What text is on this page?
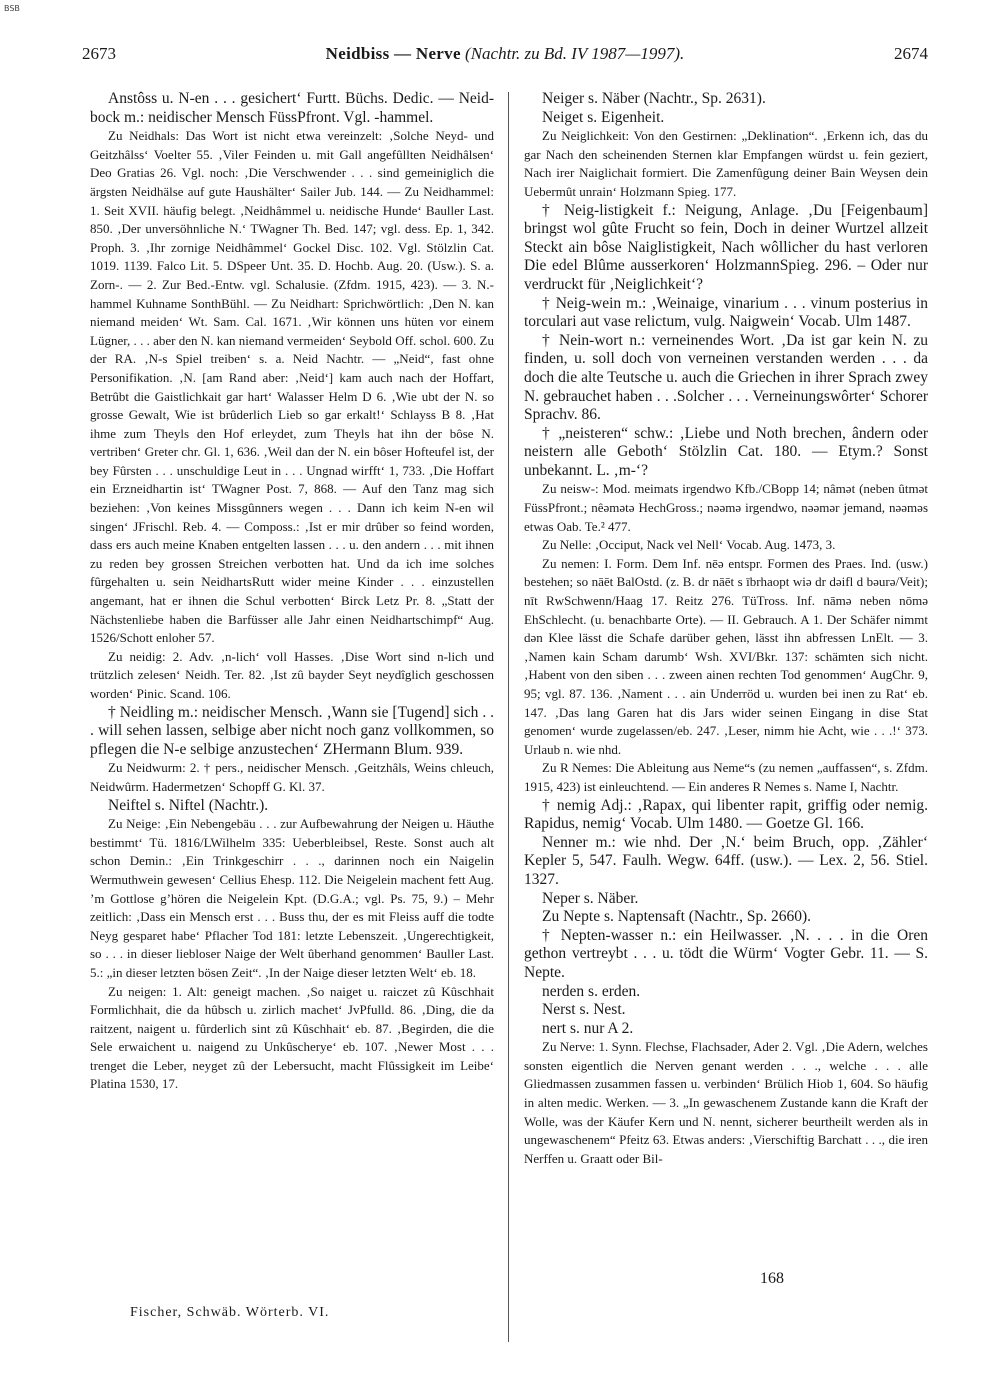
BSB
2673	Neidbiss — Nerve (Nachtr. zu Bd. IV 1987—1997).	2674

Anstôss u. N-en . . . gesichert‘ Furtt. Büchs. Dedic. — Neid-bock m.: neidischer Mensch FüssPfront. Vgl. -hammel.

Zu Neidhals: Das Wort ist nicht etwa vereinzelt: ‚Solche Neyd- und Geitzhâlss‘ Voelter 55. ‚Viler Feinden u. mit Gall angefûllten Neidhâlsen‘ Deo Gratias 26. Vgl. noch: ‚Die Verschwender . . . sind gemeiniglich die ärgsten Neidhälse auf gute Haushälter‘ Sailer Jub. 144. — Zu Neidhammel: 1. Seit XVII. häufig belegt. ‚Neidhâmmel u. neidische Hunde‘ Bauller Last. 850. ‚Der unversöhnliche N.‘ TWagner Th. Bed. 147; vgl. dess. Ep. 1, 342. Proph. 3. ‚Ihr zornige Neidhâmmel‘ Gockel Disc. 102. Vgl. Stölzlin Cat. 1019. 1139. Falco Lit. 5. DSpeer Unt. 35. D. Hochb. Aug. 20. (Usw.). S. a. Zorn-. — 2. Zur Bed.-Entw. vgl. Schalusie. (Zfdm. 1915, 423). — 3. N.-hammel Kuhname SonthBühl. — Zu Neidhart: Sprichwörtlich: ‚Den N. kan niemand meiden‘ Wt. Sam. Cal. 1671. ‚Wir können uns hüten vor einem Lügner, . . . aber den N. kan niemand vermeiden‘ Seybold Off. schol. 600. Zu der RA. ‚N-s Spiel treiben‘ s. a. Neid Nachtr. — „Neid“, fast ohne Personifikation. ‚N. [am Rand aber: ‚Neid‘] kam auch nach der Hoffart, Betrûbt die Gaistlichkait gar hart‘ Walasser Helm D 6. ‚Wie ubt der N. so grosse Gewalt, Wie ist brûderlich Lieb so gar erkalt!‘ Schlayss B 8. ‚Hat ihme zum Theyls den Hof erleydet, zum Theyls hat ihn der bôse N. vertriben‘ Greter chr. Gl. 1, 636. ‚Weil dan der N. ein bôser Hofteufel ist, der bey Fûrsten . . . unschuldige Leut in . . . Ungnad wirfft‘ 1, 733. ‚Die Hoffart ein Erzneidhartin ist‘ TWagner Post. 7, 868. — Auf den Tanz mag sich beziehen: ‚Von keines Missgûnners wegen . . . Dann ich keim N-en wil singen‘ JFrischl. Reb. 4. — Composs.: ‚Ist er mir drûber so feind worden, dass ers auch meine Knaben entgelten lassen . . . u. den andern . . . mit ihnen zu reden bey grossen Streichen verbotten hat. Und da ich ime solches fûrgehalten u. sein NeidhartsRutt wider meine Kinder . . . einzustellen angemant, hat er ihnen die Schul verbotten‘ Birck Letz Pr. 8. „Statt der Nächstenliebe haben die Barfüsser alle Jahr einen Neidhartschimpf“ Aug. 1526/Schott enloher 57.

Zu neidig: 2. Adv. ‚n-lich‘ voll Hasses. ‚Dise Wort sind n-lich und trützlich zelesen‘ Neidh. Ter. 82. ‚Ist zû bayder Seyt neydîglich geschossen worden‘ Pinic. Scand. 106.

† Neidling m.: neidischer Mensch. ‚Wann sie [Tugend] sich . . . will sehen lassen, selbige aber nicht noch ganz vollkommen, so pflegen die N-e selbige anzustechen‘ ZHermann Blum. 939.

Zu Neidwurm: 2. † pers., neidischer Mensch. ‚Geitzhâls, Weins chleuch, Neidwûrm. Hadermetzen‘ Schopff G. Kl. 37.

Neiftel s. Niftel (Nachtr.).

Zu Neige: ‚Ein Nebengebäu . . . zur Aufbewahrung der Neigen u. Häuthe bestimmt‘ Tü. 1816/LWilhelm 335: Ueberbleibsel, Reste. Sonst auch alt schon Demin.: ‚Ein Trinkgeschirr . . ., darinnen noch ein Naigelin Wermuthwein gewesen‘ Cellius Ehesp. 112. Die Neigelein machent fett Aug. ’m Gottlose gʼhören die Neigelein Kpt. (D.G.A.; vgl. Ps. 75, 9.) – Mehr zeitlich: ‚Dass ein Mensch erst . . . Buss thu, der es mit Fleiss auff die todte Neyg gesparet habe‘ Pflacher Tod 181: letzte Lebenszeit. ‚Ungerechtigkeit, so . . . in dieser liebloser Naige der Welt ûberhand genommen‘ Bauller Last. 5.: „in dieser letzten bösen Zeit“. ‚In der Naige dieser letzten Welt‘ eb. 18.

Zu neigen: 1. Alt: geneigt machen. ‚So naiget u. raiczet zû Kûschhait Formlichhait, die da hûbsch u. zirlich machet‘ JvPfulld. 86. ‚Ding, die da raitzent, naigent u. fûrderlich sint zû Kûschhait‘ eb. 87. ‚Begirden, die die Sele erwaichent u. naigend zu Unkûscherye‘ eb. 107. ‚Newer Most . . . trenget die Leber, neyget zû der Lebersucht, macht Flûssigkeit im Leibe‘ Platina 1530, 17.

Neiger s. Näber (Nachtr., Sp. 2631).

Neiget s. Eigenheit.

Zu Neiglichkeit: Von den Gestirnen: „Deklination“. ‚Erkenn ich, das du gar Nach den scheinenden Sternen klar Empfangen würdst u. fein geziert, Nach irer Naiglichait formiert. Die Zamenfûgung deiner Bain Weysen dein Uebermût unrain‘ Holzmann Spieg. 177.

† Neig-listigkeit f.: Neigung, Anlage. ‚Du [Feigenbaum] bringst wol gûte Frucht so fein, Doch in deiner Wurtzel allzeit Steckt ain bôse Naiglistigkeit, Nach wôllicher du hast verloren Die edel Blûme ausserkoren‘ HolzmannSpieg. 296. – Oder nur verdruckt für ‚Neiglichkeit‘?

† Neig-wein m.: ‚Weinaige, vinarium . . . vinum posterius in torculari aut vase relictum, vulg. Naigwein‘ Vocab. Ulm 1487.

† Nein-wort n.: verneinendes Wort. ‚Da ist gar kein N. zu finden, u. soll doch von verneinen verstanden werden . . . da doch die alte Teutsche u. auch die Griechen in ihrer Sprach zwey N. gebrauchet haben . . .Solcher . . . Verneinungswôrter‘ Schorer Sprachv. 86.

† „neisteren“ schw.: ‚Liebe und Noth brechen, ândern oder neistern alle Geboth‘ Stölzlin Cat. 180. — Etym.? Sonst unbekannt. L. ‚m-‘?

Zu neisw-: Mod. meimats irgendwo Kfb./CBopp 14; nâmət (neben ûtmət FüssPfront.; nêəmətə HechGross.; nəəmə irgendwo, nəəmər jemand, nəəməs etwas Oab. Te.² 477.

Zu Nelle: ‚Occiput, Nack vel Nell‘ Vocab. Aug. 1473, 3.

Zu nemen: I. Form. Dem Inf. nēə entspr. Formen des Praes. Ind. (usw.) bestehen; so nāēt BalOstd. (z. B. dr nāēt s ībrhaopt wiə dr dəifl d bəurə/Veit); nīt RwSchwenn/Haag 17. Reitz 276. TüTross. Inf. nāmə neben nōmə EhSchlecht. (u. benachbarte Orte). — II. Gebrauch. A 1. Der Schäfer nimmt dən Klee lässt die Schafe darüber gehen, lässt ihn abfressen LnElt. — 3. ‚Namen kain Scham darumb‘ Wsh. XVI/Bkr. 137: schämten sich nicht. ‚Habent von den siben . . . zween ainen rechten Tod genommen‘ AugChr. 9, 95; vgl. 87. 136. ‚Nament . . . ain Underröd u. wurden bei inen zu Rat‘ eb. 147. ‚Das lang Garen hat dis Jars wider seinen Eingang in dise Stat genomen‘ wurde zugelassen/eb. 247. ‚Leser, nimm hie Acht, wie . . .!‘ 373. Urlaub n. wie nhd.

Zu R Nemes: Die Ableitung aus Neme“s (zu nemen „auffassen“, s. Zfdm. 1915, 423) ist einleuchtend. — Ein anderes R Nemes s. Name I, Nachtr.

† nemig Adj.: ‚Rapax, qui libenter rapit, griffig oder nemig. Rapidus, nemig‘ Vocab. Ulm 1480. — Goetze Gl. 166.

Nenner m.: wie nhd. Der ‚N.‘ beim Bruch, opp. ‚Zähler‘ Kepler 5, 547. Faulh. Wegw. 64ff. (usw.). — Lex. 2, 56. Stiel. 1327.

Neper s. Näber.

Zu Nepte s. Naptensaft (Nachtr., Sp. 2660).

† Nepten-wasser n.: ein Heilwasser. ‚N. . . . in die Oren gethon vertreybt . . . u. tödt die Würm‘ Vogter Gebr. 11. — S. Nepte.

nerden s. erden.

Nerst s. Nest.

nert s. nur A 2.

Zu Nerve: 1. Synn. Flechse, Flachsader, Ader 2. Vgl. ‚Die Adern, welches sonsten eigentlich die Nerven genant werden . . ., welche . . . alle Gliedmassen zusammen fassen u. verbinden‘ Brülich Hiob 1, 604. So häufig in alten medic. Werken. — 3. „In gewaschenem Zustande kann die Kraft der Wolle, was der Käufer Kern und N. nennt, sicherer beurtheilt werden als in ungewaschenem“ Pfeitz 63. Etwas anders: ‚Vierschiftig Barchatt . . ., die iren Nerffen u. Graatt oder Bil-

Fischer, Schwäb. Wörterb. VI.
168
